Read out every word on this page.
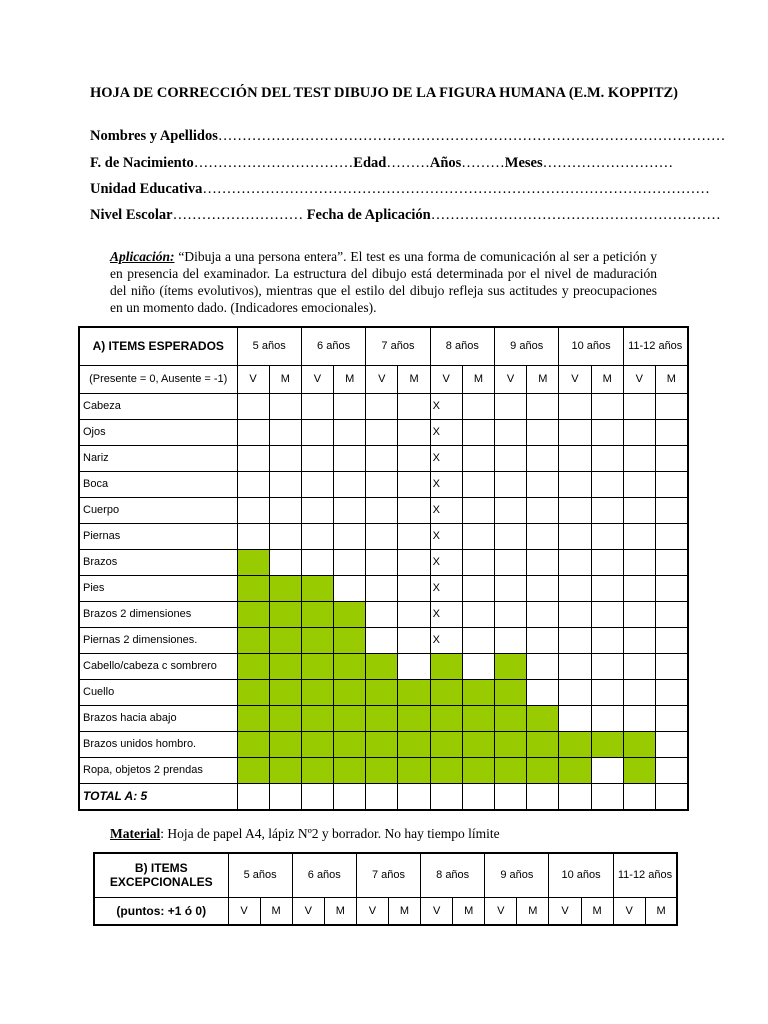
HOJA DE CORRECCIÓN DEL TEST DIBUJO DE LA FIGURA HUMANA (E.M. KOPPITZ)
Nombres y Apellidos……………………………………………………………………………………………
F. de Nacimiento……………………………Edad………Años………Meses………………………
Unidad Educativa……………………………………………………………………………………………
Nivel Escolar……………………… Fecha de Aplicación……………………………………………………
Aplicación: “Dibuja a una persona entera”. El test es una forma de comunicación al ser a petición y en presencia del examinador. La estructura del dibujo está determinada por el nivel de maduración del niño (ítems evolutivos), mientras que el estilo del dibujo refleja sus actitudes y preocupaciones en un momento dado. (Indicadores emocionales).
A) ITEMS ESPERADOS	5 años		6 años		7 años		8 años		9 años		10 años		11-12 años	
(Presente = 0, Ausente = -1)	V	M	V	M	V	M	V	M	V	M	V	M	V	M
Cabeza							X							
Ojos							X							
Nariz							X							
Boca							X							
Cuerpo							X							
Piernas							X							
Brazos							X							
Pies							X							
Brazos 2 dimensiones							X							
Piernas 2 dimensiones.							X							
Cabello/cabeza c sombrero														
Cuello														
Brazos hacia abajo														
Brazos unidos hombro.														
Ropa, objetos 2 prendas														
TOTAL A: 5														
Material: Hoja de papel A4, lápiz Nº2 y borrador. No hay tiempo límite
B) ITEMS
EXCEPCIONALES	5 años		6 años		7 años		8 años		9 años		10 años		11-12 años	
(puntos: +1 ó 0)	V	M	V	M	V	M	V	M	V	M	V	M	V	M
